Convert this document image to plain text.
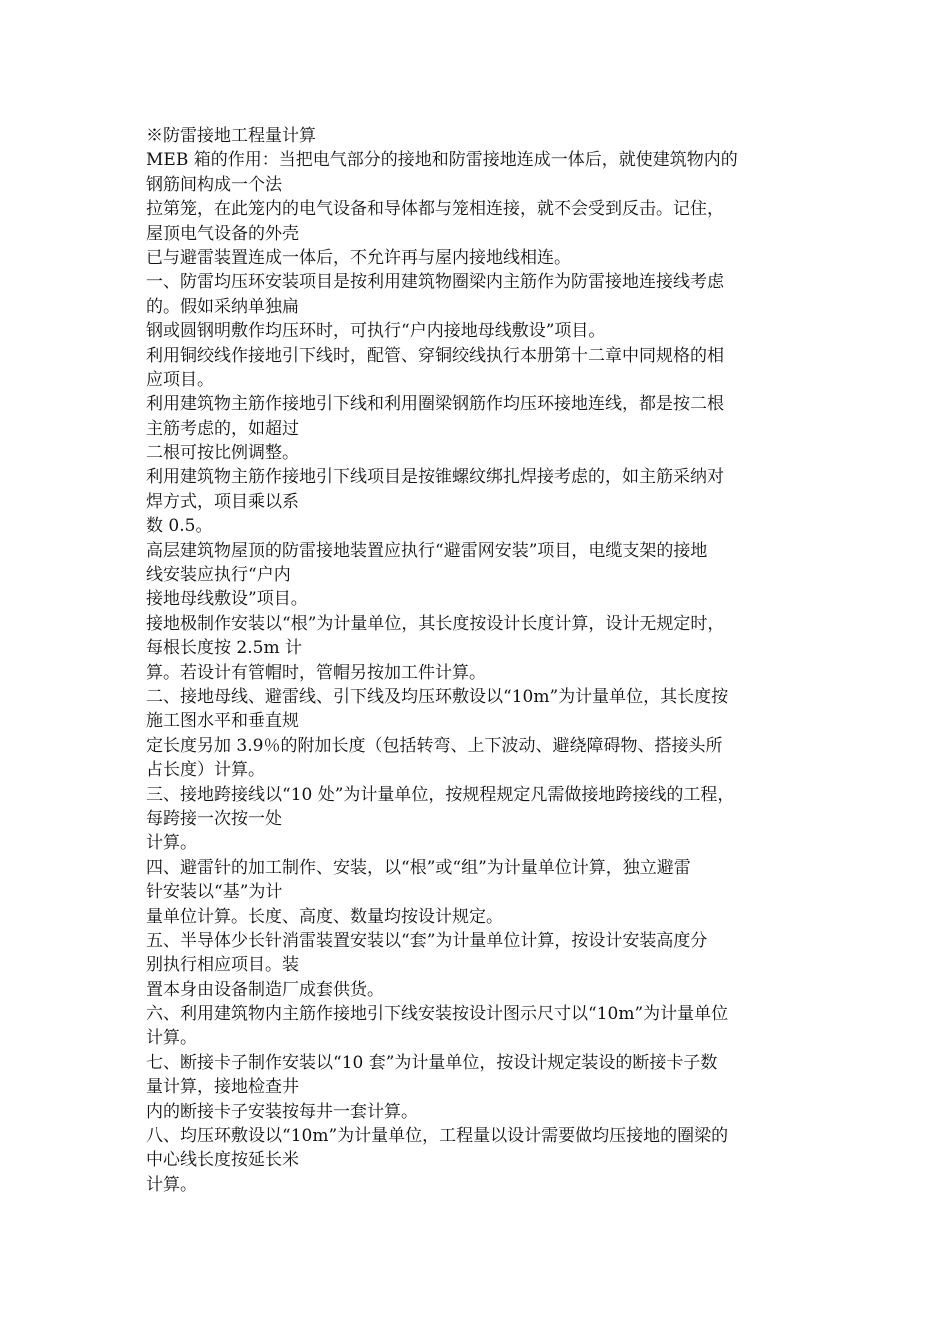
※防雷接地工程量计算
MEB 箱的作用：当把电气部分的接地和防雷接地连成一体后，就使建筑物内的
钢筋间构成一个法
拉第笼，在此笼内的电气设备和导体都与笼相连接，就不会受到反击。记住，
屋顶电气设备的外壳
已与避雷装置连成一体后，不允许再与屋内接地线相连。
一、防雷均压环安装项目是按利用建筑物圈梁内主筋作为防雷接地连接线考虑
的。假如采纳单独扁
钢或圆钢明敷作均压环时，可执行“户内接地母线敷设”项目。
利用铜绞线作接地引下线时，配管、穿铜绞线执行本册第十二章中同规格的相
应项目。
利用建筑物主筋作接地引下线和利用圈梁钢筋作均压环接地连线，都是按二根
主筋考虑的，如超过
二根可按比例调整。
利用建筑物主筋作接地引下线项目是按锥螺纹绑扎焊接考虑的，如主筋采纳对
焊方式，项目乘以系
数 0.5。
高层建筑物屋顶的防雷接地装置应执行“避雷网安装”项目，电缆支架的接地
线安装应执行“户内
接地母线敷设”项目。
接地极制作安装以“根”为计量单位，其长度按设计长度计算，设计无规定时，
每根长度按 2.5m 计
算。若设计有管帽时，管帽另按加工件计算。
二、接地母线、避雷线、引下线及均压环敷设以“10m”为计量单位，其长度按
施工图水平和垂直规
定长度另加 3.9％的附加长度（包括转弯、上下波动、避绕障碍物、搭接头所
占长度）计算。
三、接地跨接线以“10 处”为计量单位，按规程规定凡需做接地跨接线的工程，
每跨接一次按一处
计算。
四、避雷针的加工制作、安装，以“根”或“组”为计量单位计算，独立避雷
针安装以“基”为计
量单位计算。长度、高度、数量均按设计规定。
五、半导体少长针消雷装置安装以“套”为计量单位计算，按设计安装高度分
别执行相应项目。装
置本身由设备制造厂成套供货。
六、利用建筑物内主筋作接地引下线安装按设计图示尺寸以“10m”为计量单位
计算。
七、断接卡子制作安装以“10 套”为计量单位，按设计规定装设的断接卡子数
量计算，接地检查井
内的断接卡子安装按每井一套计算。
八、均压环敷设以“10m”为计量单位，工程量以设计需要做均压接地的圈梁的
中心线长度按延长米
计算。
